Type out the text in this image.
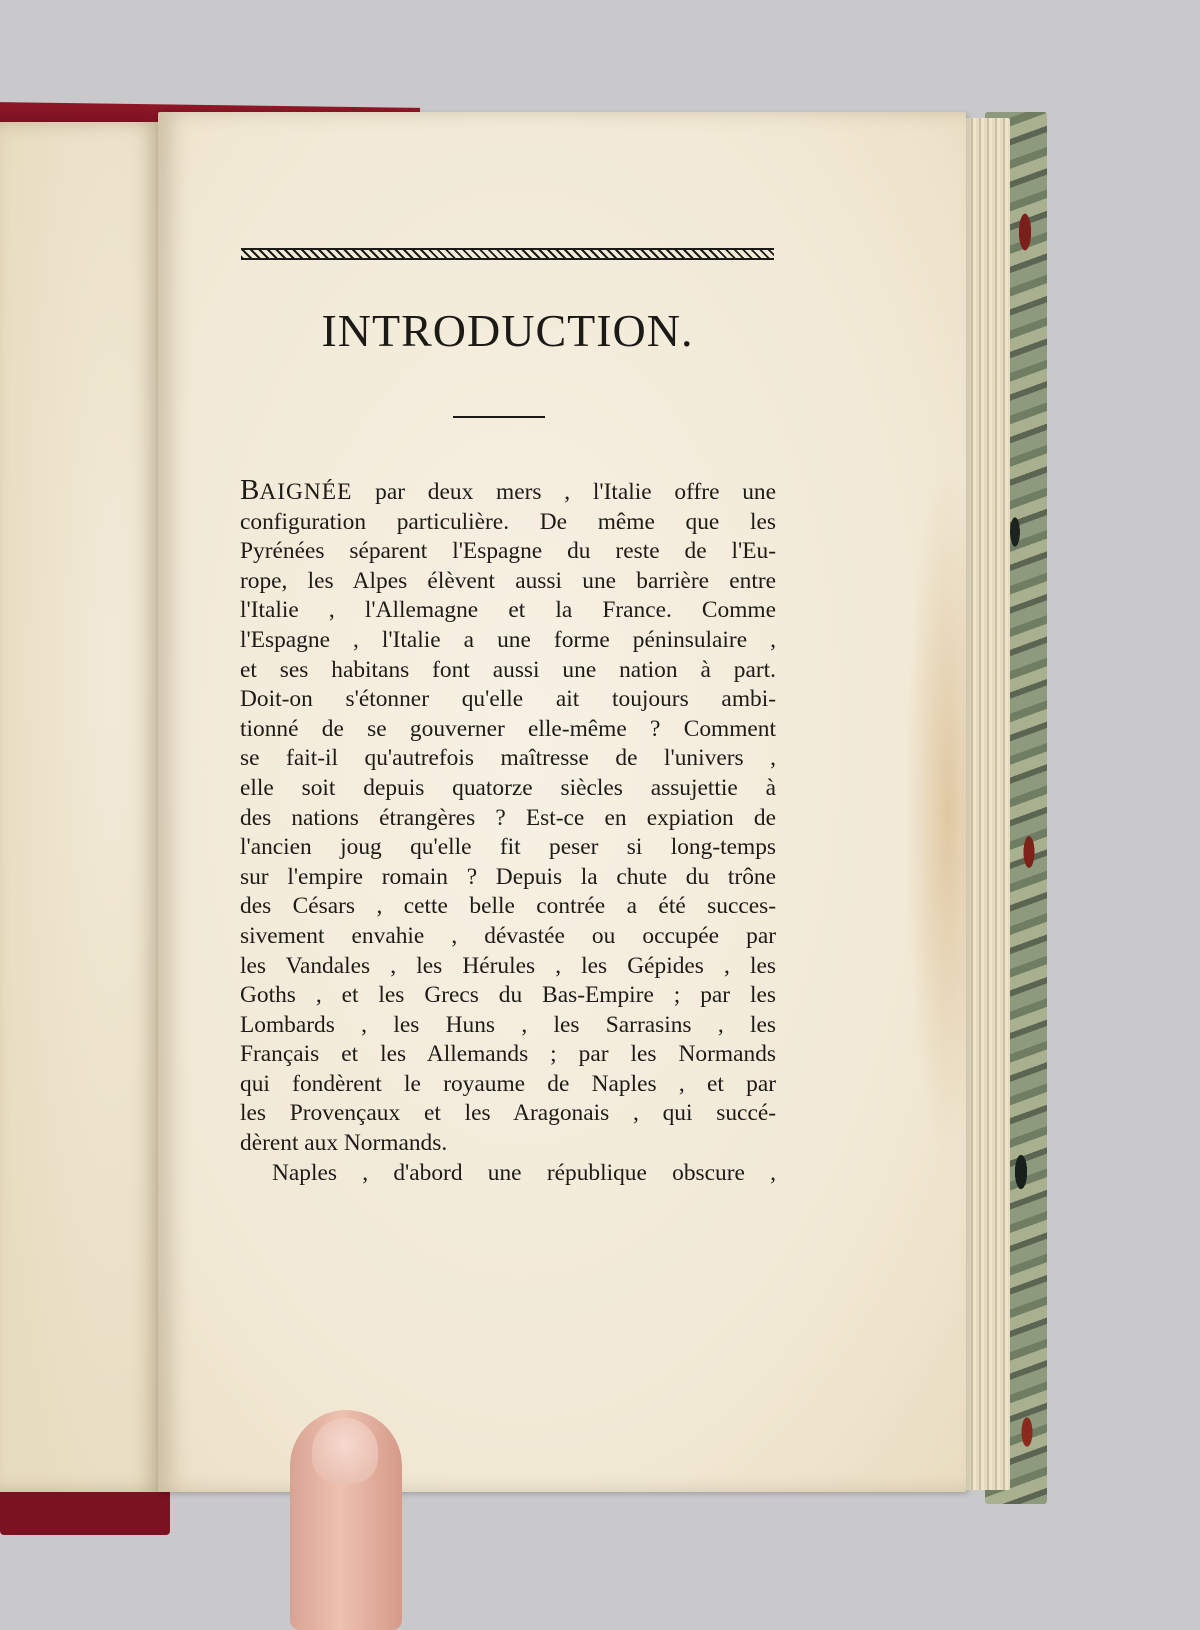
INTRODUCTION.
BAIGNÉE par deux mers , l'Italie offre une
configuration particulière. De même que les
Pyrénées séparent l'Espagne du reste de l'Eu-
rope, les Alpes élèvent aussi une barrière entre
l'Italie , l'Allemagne et la France. Comme
l'Espagne , l'Italie a une forme péninsulaire ,
et ses habitans font aussi une nation à part.
Doit-on s'étonner qu'elle ait toujours ambi-
tionné de se gouverner elle-même ? Comment
se fait-il qu'autrefois maîtresse de l'univers ,
elle soit depuis quatorze siècles assujettie à
des nations étrangères ? Est-ce en expiation de
l'ancien joug qu'elle fit peser si long-temps
sur l'empire romain ? Depuis la chute du trône
des Césars , cette belle contrée a été succes-
sivement envahie , dévastée ou occupée par
les Vandales , les Hérules , les Gépides , les
Goths , et les Grecs du Bas-Empire ; par les
Lombards , les Huns , les Sarrasins , les
Français et les Allemands ; par les Normands
qui fondèrent le royaume de Naples , et par
les Provençaux et les Aragonais , qui succé-
dèrent aux Normands.
Naples , d'abord une république obscure ,
